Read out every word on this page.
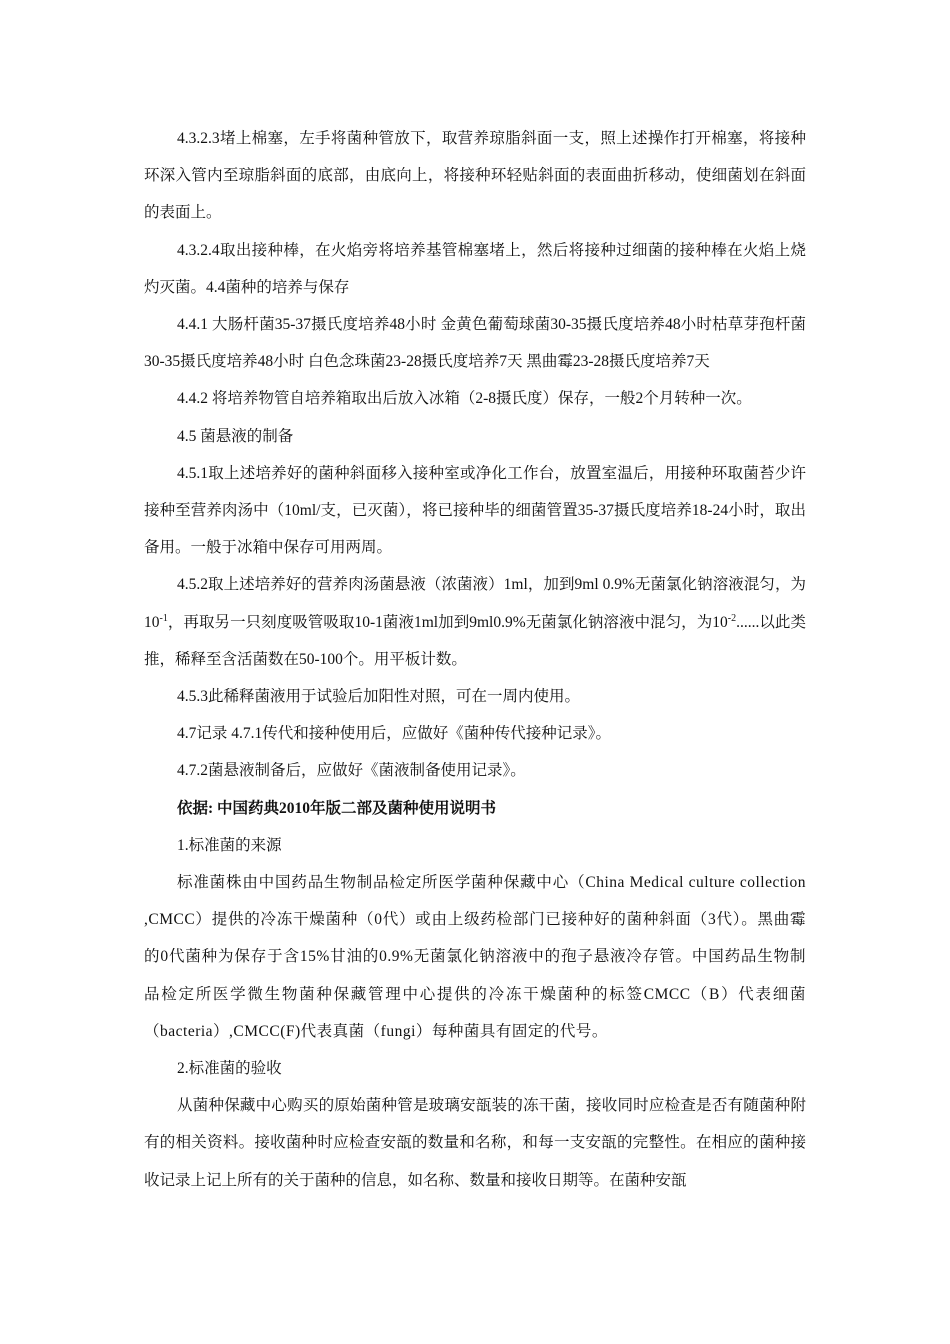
4.3.2.3堵上棉塞，左手将菌种管放下，取营养琼脂斜面一支，照上述操作打开棉塞，将接种环深入管内至琼脂斜面的底部，由底向上，将接种环轻贴斜面的表面曲折移动，使细菌划在斜面的表面上。

4.3.2.4取出接种棒，在火焰旁将培养基管棉塞堵上，然后将接种过细菌的接种棒在火焰上烧灼灭菌。4.4菌种的培养与保存

4.4.1 大肠杆菌35-37摄氏度培养48小时 金黄色葡萄球菌30-35摄氏度培养48小时枯草芽孢杆菌30-35摄氏度培养48小时 白色念珠菌23-28摄氏度培养7天 黑曲霉23-28摄氏度培养7天

4.4.2 将培养物管自培养箱取出后放入冰箱（2-8摄氏度）保存，一般2个月转种一次。

4.5 菌悬液的制备

4.5.1取上述培养好的菌种斜面移入接种室或净化工作台，放置室温后，用接种环取菌苔少许接种至营养肉汤中（10ml/支，已灭菌），将已接种毕的细菌管置35-37摄氏度培养18-24小时，取出备用。一般于冰箱中保存可用两周。

4.5.2取上述培养好的营养肉汤菌悬液（浓菌液）1ml，加到9ml 0.9%无菌氯化钠溶液混匀，为$10^{-1}$，再取另一只刻度吸管吸取10-1菌液1ml加到9ml0.9%无菌氯化钠溶液中混匀，为$10^{-2}$......以此类推，稀释至含活菌数在50-100个。用平板计数。

4.5.3此稀释菌液用于试验后加阳性对照，可在一周内使用。

4.7记录 4.7.1传代和接种使用后，应做好《菌种传代接种记录》。

4.7.2菌悬液制备后，应做好《菌液制备使用记录》。

依据: 中国药典2010年版二部及菌种使用说明书

1.标准菌的来源

标准菌株由中国药品生物制品检定所医学菌种保藏中心（China Medical culture collection ,CMCC）提供的冷冻干燥菌种（0代）或由上级药检部门已接种好的菌种斜面（3代）。黑曲霉的0代菌种为保存于含15%甘油的0.9%无菌氯化钠溶液中的孢子悬液冷存管。中国药品生物制品检定所医学微生物菌种保藏管理中心提供的冷冻干燥菌种的标签CMCC（B）代表细菌（bacteria）,CMCC(F)代表真菌（fungi）每种菌具有固定的代号。

2.标准菌的验收

从菌种保藏中心购买的原始菌种管是玻璃安瓿装的冻干菌，接收同时应检查是否有随菌种附有的相关资料。接收菌种时应检查安瓿的数量和名称，和每一支安瓿的完整性。在相应的菌种接收记录上记上所有的关于菌种的信息，如名称、数量和接收日期等。在菌种安瓿
